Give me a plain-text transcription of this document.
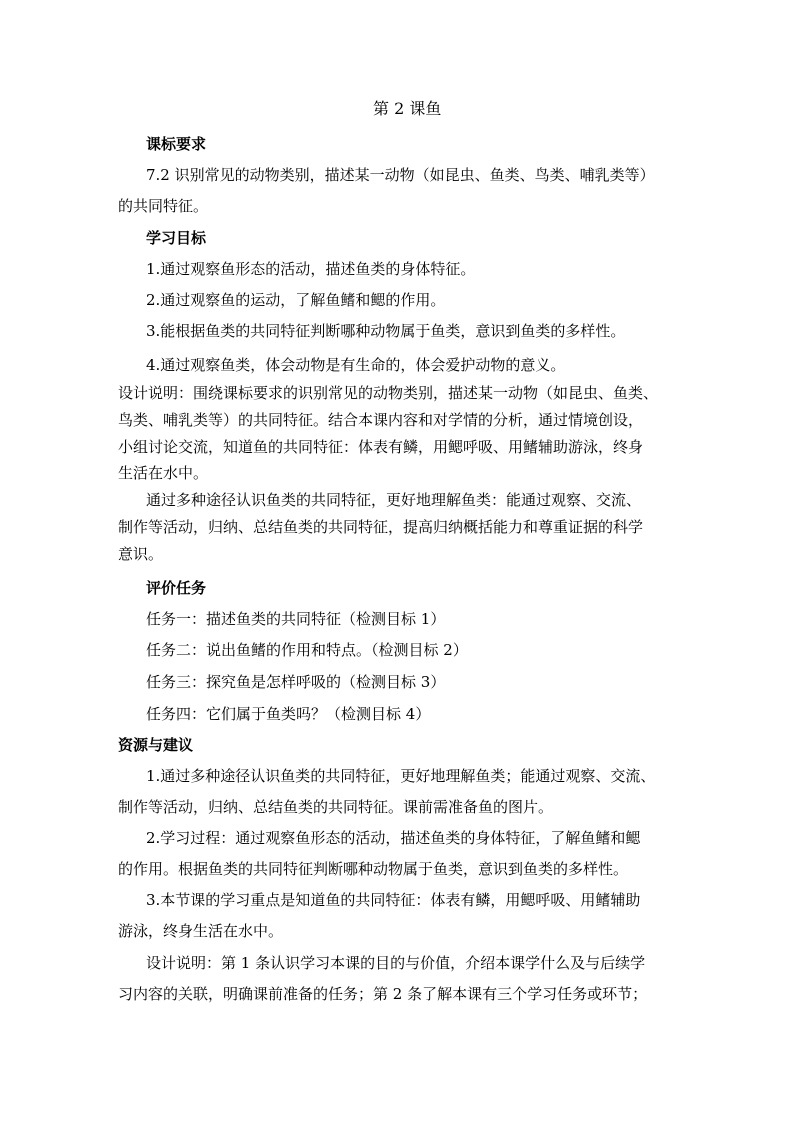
第 2 课鱼
课标要求
7.2 识别常见的动物类别，描述某一动物（如昆虫、鱼类、鸟类、哺乳类等）
的共同特征。
学习目标
1.通过观察鱼形态的活动，描述鱼类的身体特征。
2.通过观察鱼的运动，了解鱼鳍和鳃的作用。
3.能根据鱼类的共同特征判断哪种动物属于鱼类，意识到鱼类的多样性。
4.通过观察鱼类，体会动物是有生命的，体会爱护动物的意义。
设计说明：围绕课标要求的识别常见的动物类别，描述某一动物（如昆虫、鱼类、
鸟类、哺乳类等）的共同特征。结合本课内容和对学情的分析，通过情境创设，
小组讨论交流，知道鱼的共同特征：体表有鳞，用鳃呼吸、用鳍辅助游泳，终身
生活在水中。
通过多种途径认识鱼类的共同特征，更好地理解鱼类：能通过观察、交流、
制作等活动，归纳、总结鱼类的共同特征，提高归纳概括能力和尊重证据的科学
意识。
评价任务
任务一：描述鱼类的共同特征（检测目标 1）
任务二：说出鱼鳍的作用和特点。（检测目标 2）
任务三：探究鱼是怎样呼吸的（检测目标 3）
任务四：它们属于鱼类吗？（检测目标 4）
资源与建议
1.通过多种途径认识鱼类的共同特征，更好地理解鱼类；能通过观察、交流、
制作等活动，归纳、总结鱼类的共同特征。课前需准备鱼的图片。
2.学习过程：通过观察鱼形态的活动，描述鱼类的身体特征，了解鱼鳍和鳃
的作用。根据鱼类的共同特征判断哪种动物属于鱼类，意识到鱼类的多样性。
3.本节课的学习重点是知道鱼的共同特征：体表有鳞，用鳃呼吸、用鳍辅助
游泳，终身生活在水中。
设计说明：第 1 条认识学习本课的目的与价值，介绍本课学什么及与后续学
习内容的关联，明确课前准备的任务；第 2 条了解本课有三个学习任务或环节；
